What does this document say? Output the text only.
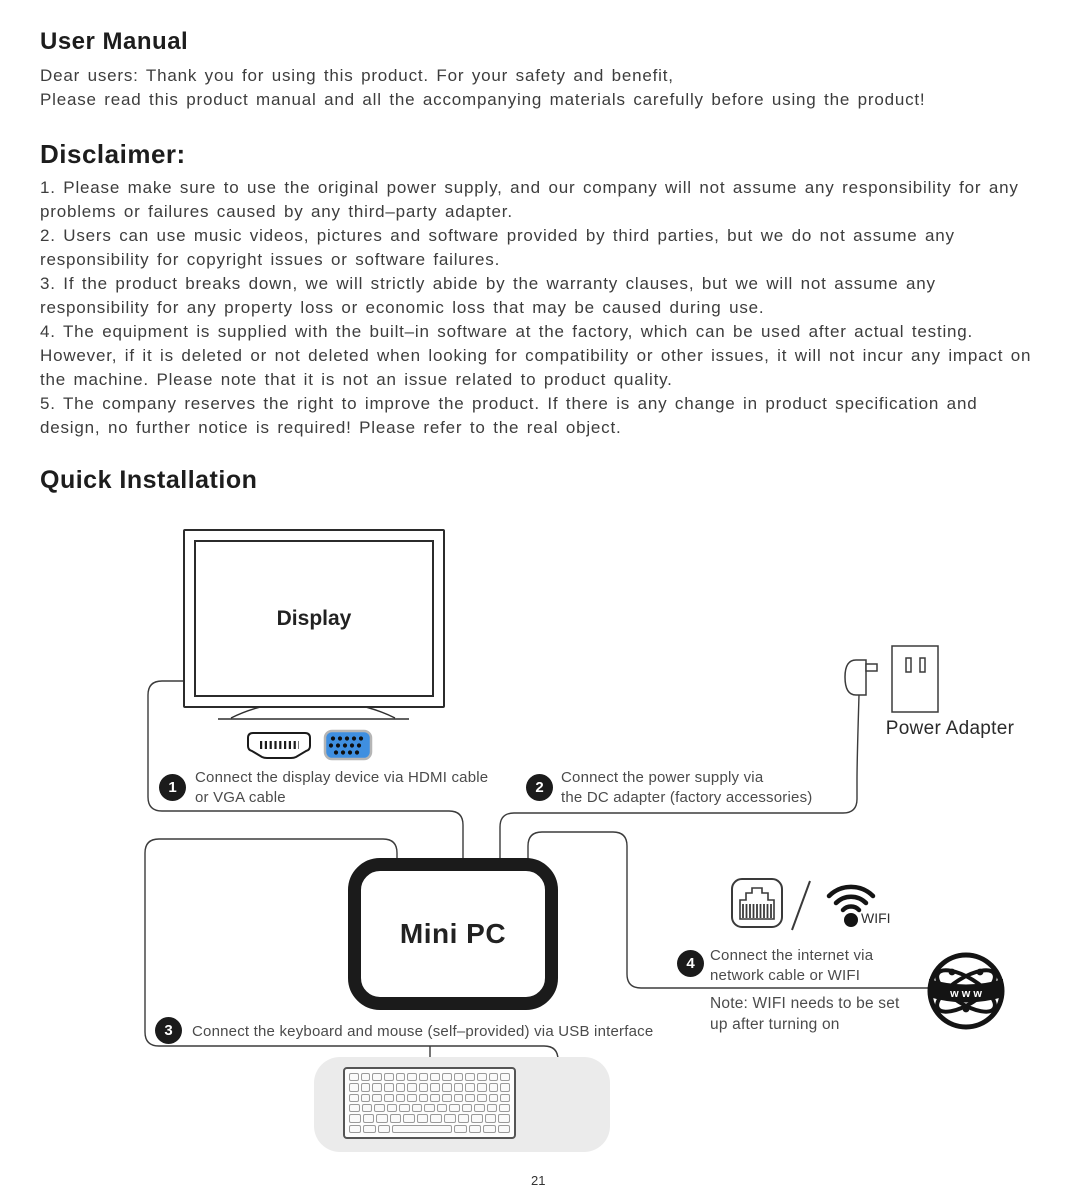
User Manual

Dear users: Thank you for using this product. For your safety and benefit,

Please read this product manual and all the accompanying materials carefully before using the product!

Disclaimer:

1. Please make sure to use the original power supply, and our company will not assume any responsibility for any problems or failures caused by any third–party adapter.

2. Users can use music videos, pictures and software provided by third parties, but we do not assume any responsibility for copyright issues or software failures.

3. If the product breaks down, we will strictly abide by the warranty clauses, but we will not assume any responsibility for any property loss or economic loss that may be caused during use.

4. The equipment is supplied with the built–in software at the factory, which can be used after actual testing. However, if it is deleted or not deleted when looking for compatibility or other issues, it will not incur any impact on the machine. Please note that it is not an issue related to product quality.

5. The company reserves the right to improve the product. If there is any change in product specification and design, no further notice is required! Please refer to the real object.

Quick Installation
w w w
Display
1
Connect the display device via HDMI cable
or VGA cable
2
Connect the power supply via
the DC adapter (factory accessories)
Power Adapter
Mini PC	WIFI
4	Connect the internet via
network cable or WIFI
Note: WIFI needs to be set
up after turning on
3	Connect the keyboard and mouse (self–provided) via USB interface
21
